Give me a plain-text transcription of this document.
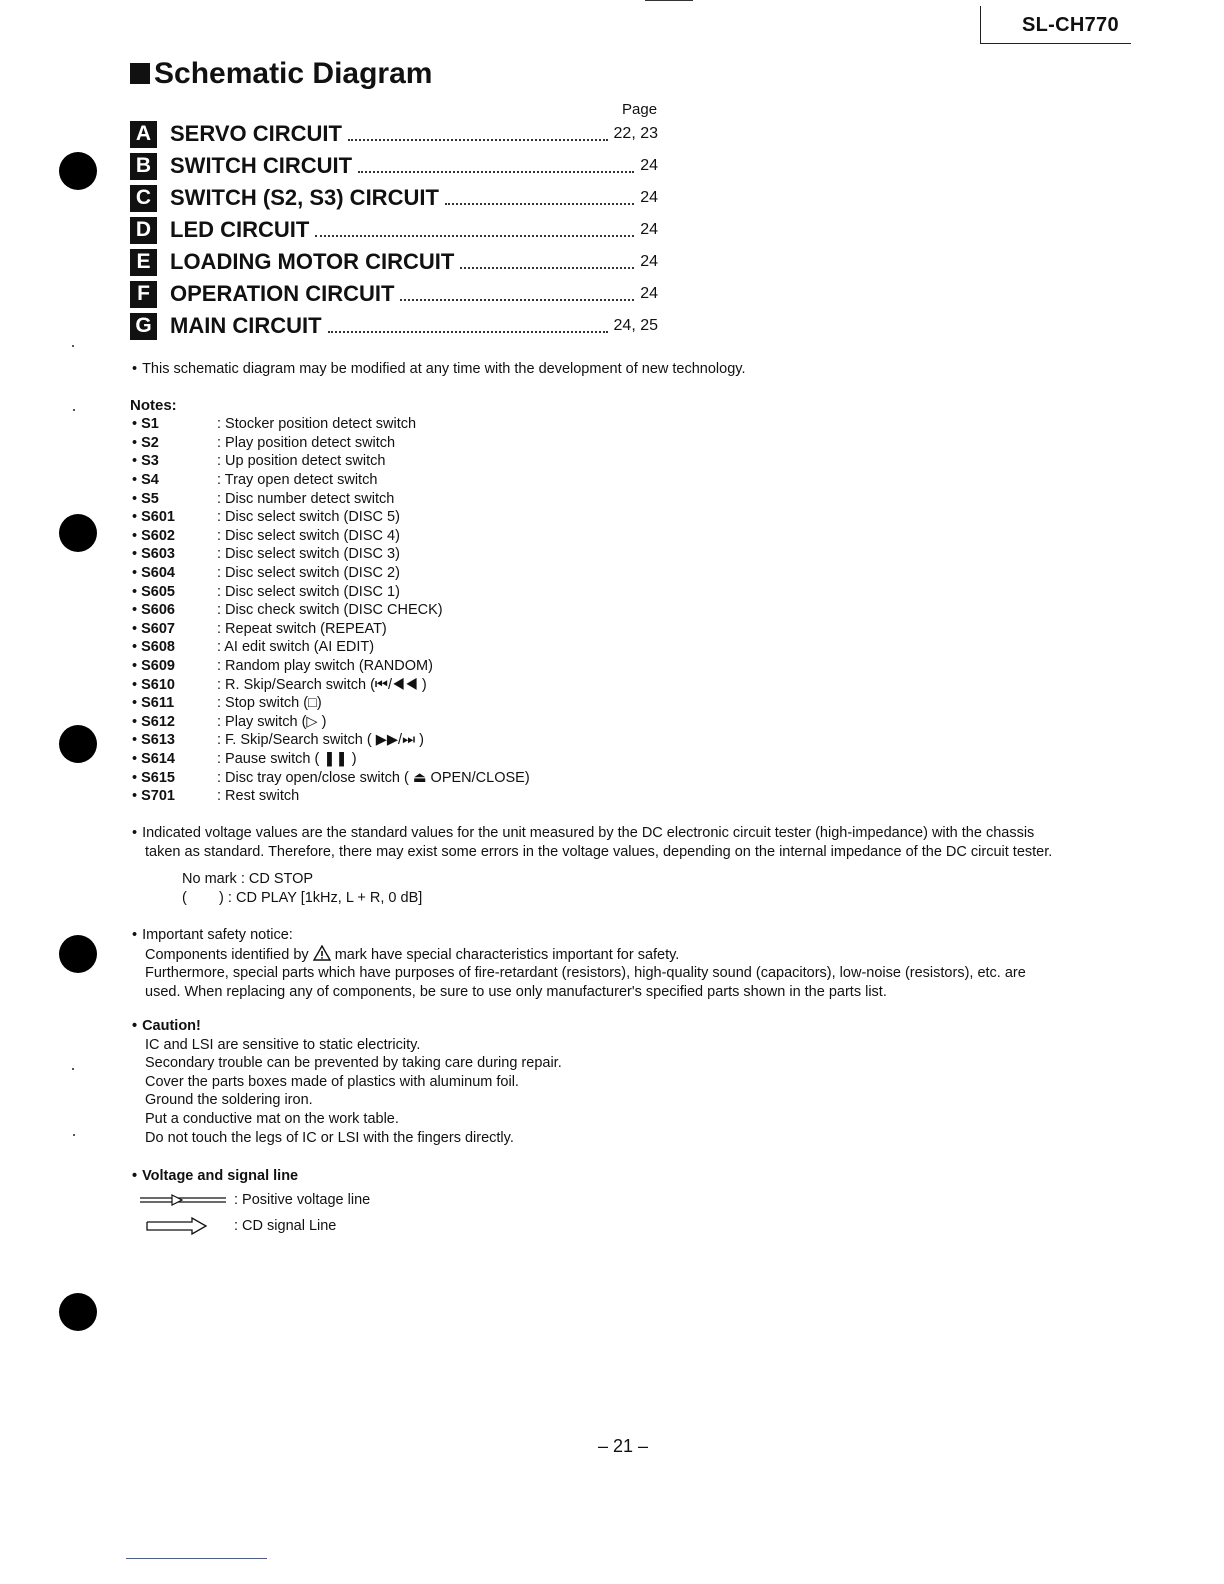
SL-CH770
Schematic Diagram
Page
A SERVO CIRCUIT	22, 23
B SWITCH CIRCUIT	24
C SWITCH (S2, S3) CIRCUIT	24
D LED CIRCUIT	24
E LOADING MOTOR CIRCUIT	24
F OPERATION CIRCUIT	24
G MAIN CIRCUIT	24, 25
• This schematic diagram may be modified at any time with the development of new technology.
Notes:
• S1	: Stocker position detect switch
• S2	: Play position detect switch
• S3	: Up position detect switch
• S4	: Tray open detect switch
• S5	: Disc number detect switch
• S601	: Disc select switch (DISC 5)
• S602	: Disc select switch (DISC 4)
• S603	: Disc select switch (DISC 3)
• S604	: Disc select switch (DISC 2)
• S605	: Disc select switch (DISC 1)
• S606	: Disc check switch (DISC CHECK)
• S607	: Repeat switch (REPEAT)
• S608	: AI edit switch (AI EDIT)
• S609	: Random play switch (RANDOM)
• S610	: R. Skip/Search switch (⏮/◀◀ )
• S611	: Stop switch (□)
• S612	: Play switch (▷ )
• S613	: F. Skip/Search switch ( ▶▶/⏭ )
• S614	: Pause switch ( ❚❚ )
• S615	: Disc tray open/close switch ( ⏏ OPEN/CLOSE)
• S701	: Rest switch
• Indicated voltage values are the standard values for the unit measured by the DC electronic circuit tester (high-impedance) with the chassis
taken as standard. Therefore, there may exist some errors in the voltage values, depending on the internal impedance of the DC circuit tester.
No mark : CD STOP
(        ) : CD PLAY [1kHz, L + R, 0 dB]
• Important safety notice:
Components identified by mark have special characteristics important for safety.
Furthermore, special parts which have purposes of fire-retardant (resistors), high-quality sound (capacitors), low-noise (resistors), etc. are
used. When replacing any of components, be sure to use only manufacturer's specified parts shown in the parts list.
• Caution!
IC and LSI are sensitive to static electricity.
Secondary trouble can be prevented by taking care during repair.
Cover the parts boxes made of plastics with aluminum foil.
Ground the soldering iron.
Put a conductive mat on the work table.
Do not touch the legs of IC or LSI with the fingers directly.
• Voltage and signal line
: Positive voltage line
: CD signal Line
– 21 –
